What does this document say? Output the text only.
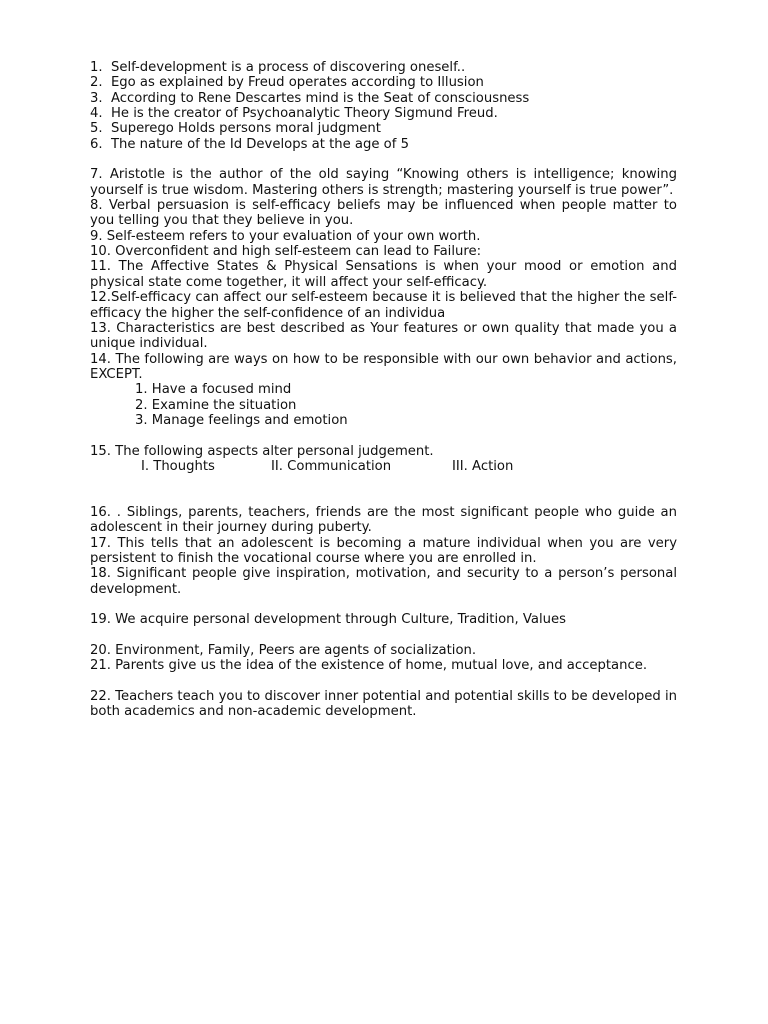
1.  Self-development is a process of discovering oneself..
2.  Ego as explained by Freud operates according to Illusion
3.  According to Rene Descartes mind is the Seat of consciousness
4.  He is the creator of Psychoanalytic Theory Sigmund Freud.
5.  Superego Holds persons moral judgment
6.  The nature of the Id Develops at the age of 5
7. Aristotle is the author of the old saying “Knowing others is intelligence; knowing yourself is true wisdom. Mastering others is strength; mastering yourself is true power”.
8. Verbal persuasion is self-efficacy beliefs may be influenced when people matter to you telling you that they believe in you.
9. Self-esteem refers to your evaluation of your own worth.
10. Overconfident and high self-esteem can lead to Failure:
11. The Affective States & Physical Sensations is when your mood or emotion and physical state come together, it will affect your self-efficacy.
12.Self-efficacy can affect our self-esteem because it is believed that the higher the self-efficacy the higher the self-confidence of an individua
13. Characteristics are best described as Your features or own quality that made you a unique individual.
14. The following are ways on how to be responsible with our own behavior and actions, EXCEPT.
1. Have a focused mind
2. Examine the situation
3. Manage feelings and emotion
15. The following aspects alter personal judgement.
I. Thoughts	II. Communication	III. Action
16. . Siblings, parents, teachers, friends are the most significant people who guide an adolescent in their journey during puberty.
17. This tells that an adolescent is becoming a mature individual when you are very persistent to finish the vocational course where you are enrolled in.
18. Significant people give inspiration, motivation, and security to a person’s personal development.
19. We acquire personal development through Culture, Tradition, Values
20. Environment, Family, Peers are agents of socialization.
21. Parents give us the idea of the existence of home, mutual love, and acceptance.
22. Teachers teach you to discover inner potential and potential skills to be developed in both academics and non-academic development.
